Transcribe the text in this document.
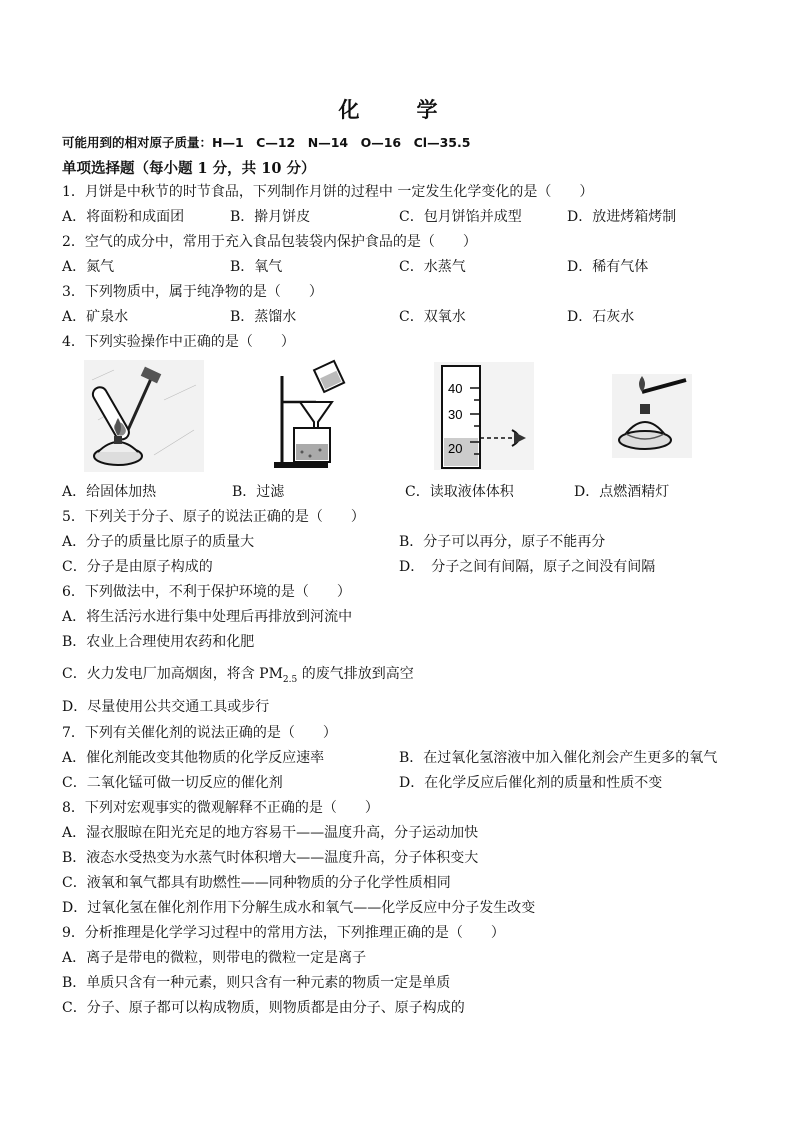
化　学
可能用到的相对原子质量：H—1　C—12　N—14　O—16　Cl—35.5
单项选择题（每小题 1 分，共 10 分）
1．月饼是中秋节的时节食品，下列制作月饼的过程中 一定发生化学变化的是（　　）
A．将面粉和成面团	B．擀月饼皮	C．包月饼馅并成型	D．放进烤箱烤制
2．空气的成分中，常用于充入食品包装袋内保护食品的是（　　）
A．氮气	B．氧气	C．水蒸气	D．稀有气体
3．下列物质中，属于纯净物的是（　　）
A．矿泉水	B．蒸馏水	C．双氧水	D．石灰水
4．下列实验操作中正确的是（　　）
40
30
20
A．给固体加热	B．过滤	C．读取液体体积	D．点燃酒精灯
5．下列关于分子、原子的说法正确的是（　　）
A．分子的质量比原子的质量大	B．分子可以再分，原子不能再分
C．分子是由原子构成的	D．　分子之间有间隔，原子之间没有间隔
6．下列做法中，不利于保护环境的是（　　）
A．将生活污水进行集中处理后再排放到河流中
B．农业上合理使用农药和化肥
C．火力发电厂加高烟囱，将含 $PM_{2.5}$ 的废气排放到高空
D．尽量使用公共交通工具或步行
7．下列有关催化剂的说法正确的是（　　）
A．催化剂能改变其他物质的化学反应速率	B．在过氧化氢溶液中加入催化剂会产生更多的氧气
C．二氧化锰可做一切反应的催化剂	D．在化学反应后催化剂的质量和性质不变
8．下列对宏观事实的微观解释不正确的是（　　）
A．湿衣服晾在阳光充足的地方容易干——温度升高，分子运动加快
B．液态水受热变为水蒸气时体积增大——温度升高，分子体积变大
C．液氧和氧气都具有助燃性——同种物质的分子化学性质相同
D．过氧化氢在催化剂作用下分解生成水和氧气——化学反应中分子发生改变
9．分析推理是化学学习过程中的常用方法，下列推理正确的是（　　）
A．离子是带电的微粒，则带电的微粒一定是离子
B．单质只含有一种元素，则只含有一种元素的物质一定是单质
C．分子、原子都可以构成物质，则物质都是由分子、原子构成的
